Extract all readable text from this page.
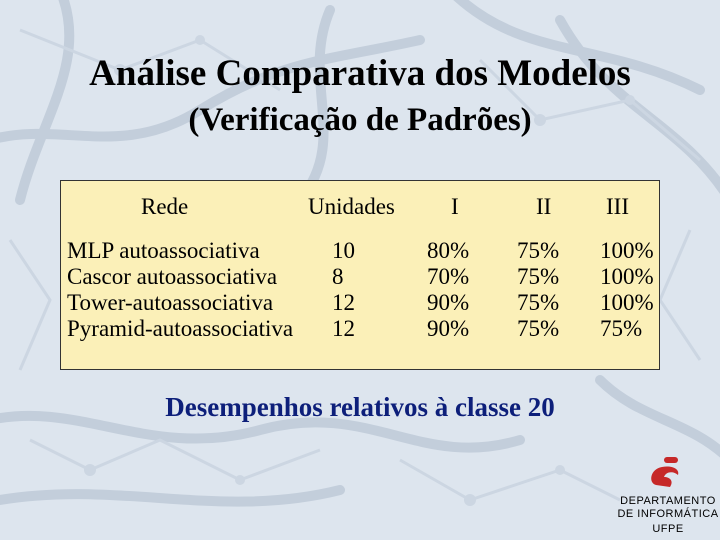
Análise Comparativa dos Modelos
(Verificação de Padrões)
Rede	Unidades I	II III
MLP autoassociativa	10	80% 75% 100%
Cascor autoassociativa 8	70% 75% 100%
Tower-autoassociativa	12	90% 75% 100%
Pyramid-autoassociativa 12	90% 75% 75%
Desempenhos relativos à classe 20
DEPARTAMENTO
DE INFORMÁTICA
UFPE
